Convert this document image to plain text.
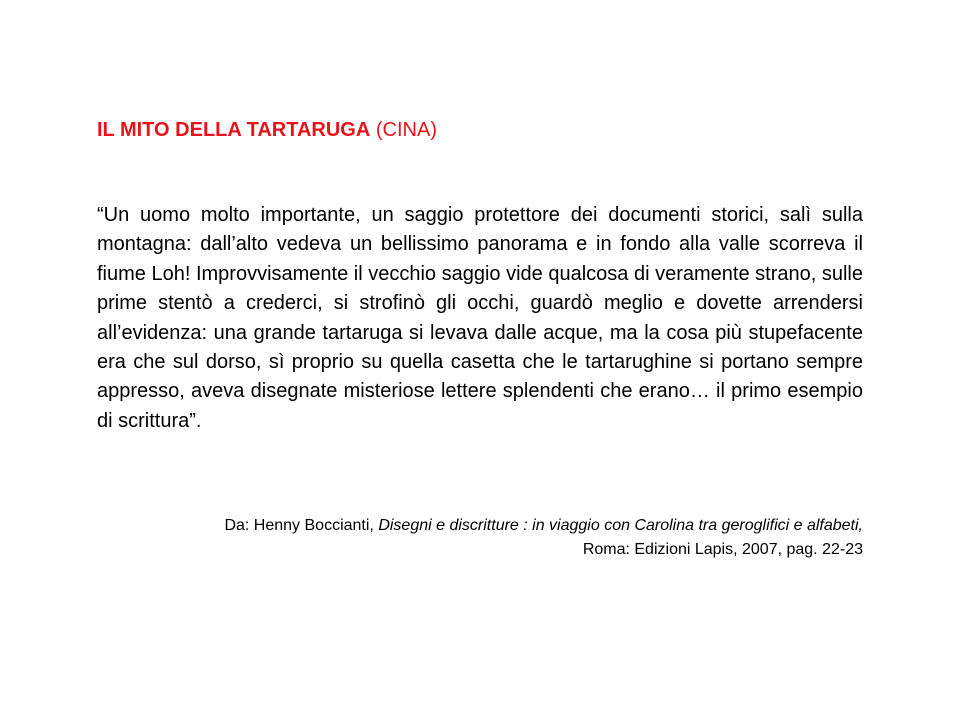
IL MITO DELLA TARTARUGA (CINA)

“Un uomo molto importante, un saggio protettore dei documenti storici, salì sulla montagna: dall’alto vedeva un bellissimo panorama e in fondo alla valle scorreva il fiume Loh! Improvvisamente il vecchio saggio vide qualcosa di veramente strano, sulle prime stentò a crederci, si strofinò gli occhi, guardò meglio e dovette arrendersi all’evidenza: una grande tartaruga si levava dalle acque, ma la cosa più stupefacente era che sul dorso, sì proprio su quella casetta che le tartarughine si portano sempre appresso, aveva disegnate misteriose lettere splendenti che erano… il primo esempio di scrittura”.

Da: Henny Boccianti, Disegni e discritture : in viaggio con Carolina tra geroglifici e alfabeti,
Roma: Edizioni Lapis, 2007, pag. 22-23
